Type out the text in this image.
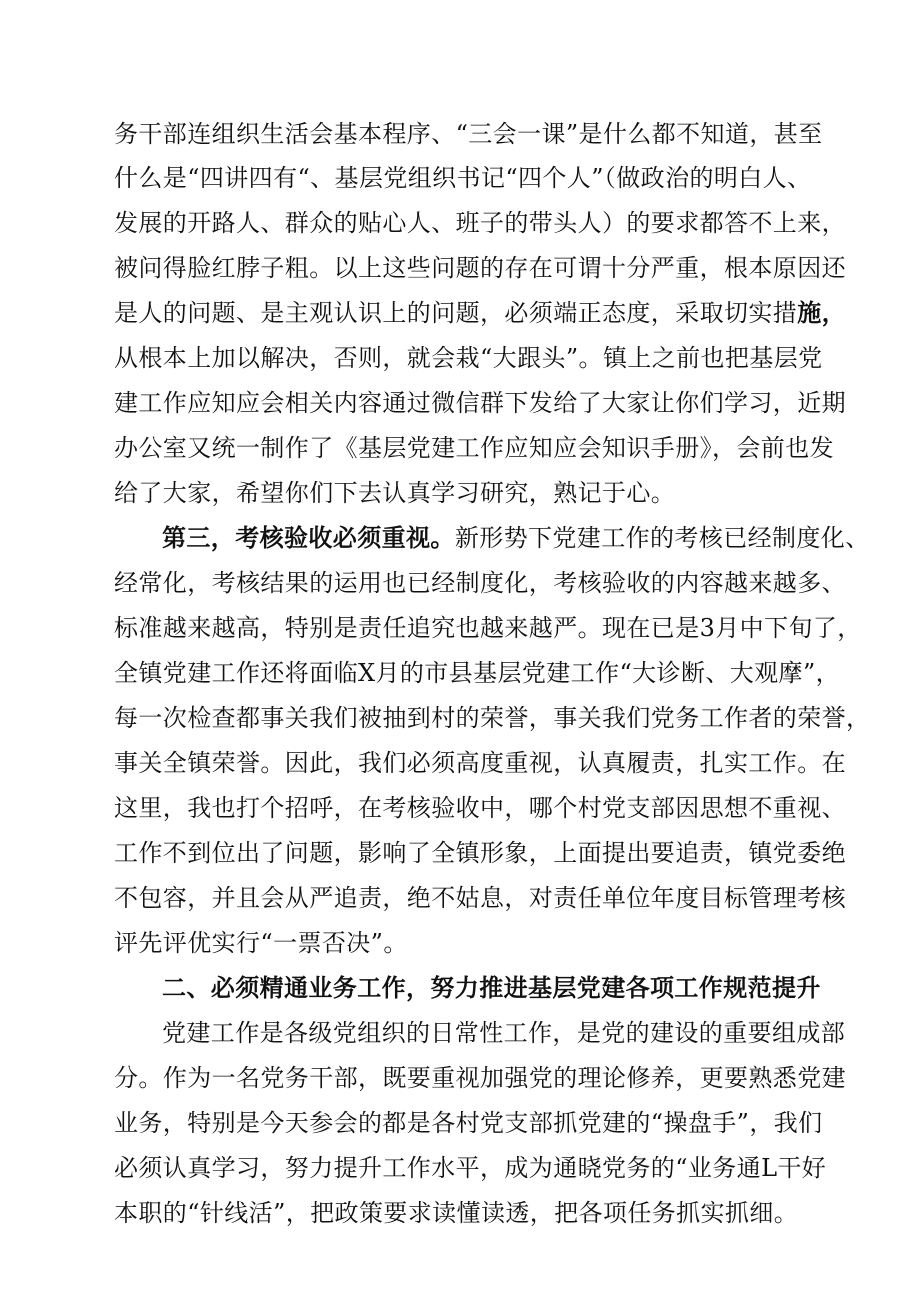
务干部连组织生活会基本程序、“三会一课”是什么都不知道，甚至
什么是“四讲四有“、基层党组织书记“四个人”（做政治的明白人、
发展的开路人、群众的贴心人、班子的带头人）的要求都答不上来，
被问得脸红脖子粗。以上这些问题的存在可谓十分严重，根本原因还
是人的问题、是主观认识上的问题，必须端正态度，采取切实措施，
从根本上加以解决，否则，就会栽“大跟头”。镇上之前也把基层党
建工作应知应会相关内容通过微信群下发给了大家让你们学习，近期
办公室又统一制作了《基层党建工作应知应会知识手册》，会前也发
给了大家，希望你们下去认真学习研究，熟记于心。
第三，考核验收必须重视。新形势下党建工作的考核已经制度化、
经常化，考核结果的运用也已经制度化，考核验收的内容越来越多、
标准越来越高，特别是责任追究也越来越严。现在已是3月中下旬了，
全镇党建工作还将面临X月的市县基层党建工作“大诊断、大观摩”，
每一次检查都事关我们被抽到村的荣誉，事关我们党务工作者的荣誉，
事关全镇荣誉。因此，我们必须高度重视，认真履责，扎实工作。在
这里，我也打个招呼，在考核验收中，哪个村党支部因思想不重视、
工作不到位出了问题，影响了全镇形象，上面提出要追责，镇党委绝
不包容，并且会从严追责，绝不姑息，对责任单位年度目标管理考核
评先评优实行“一票否决”。
二、必须精通业务工作，努力推进基层党建各项工作规范提升
党建工作是各级党组织的日常性工作，是党的建设的重要组成部
分。作为一名党务干部，既要重视加强党的理论修养，更要熟悉党建
业务，特别是今天参会的都是各村党支部抓党建的“操盘手”，我们
必须认真学习，努力提升工作水平，成为通晓党务的“业务通L干好
本职的“针线活”，把政策要求读懂读透，把各项任务抓实抓细。
